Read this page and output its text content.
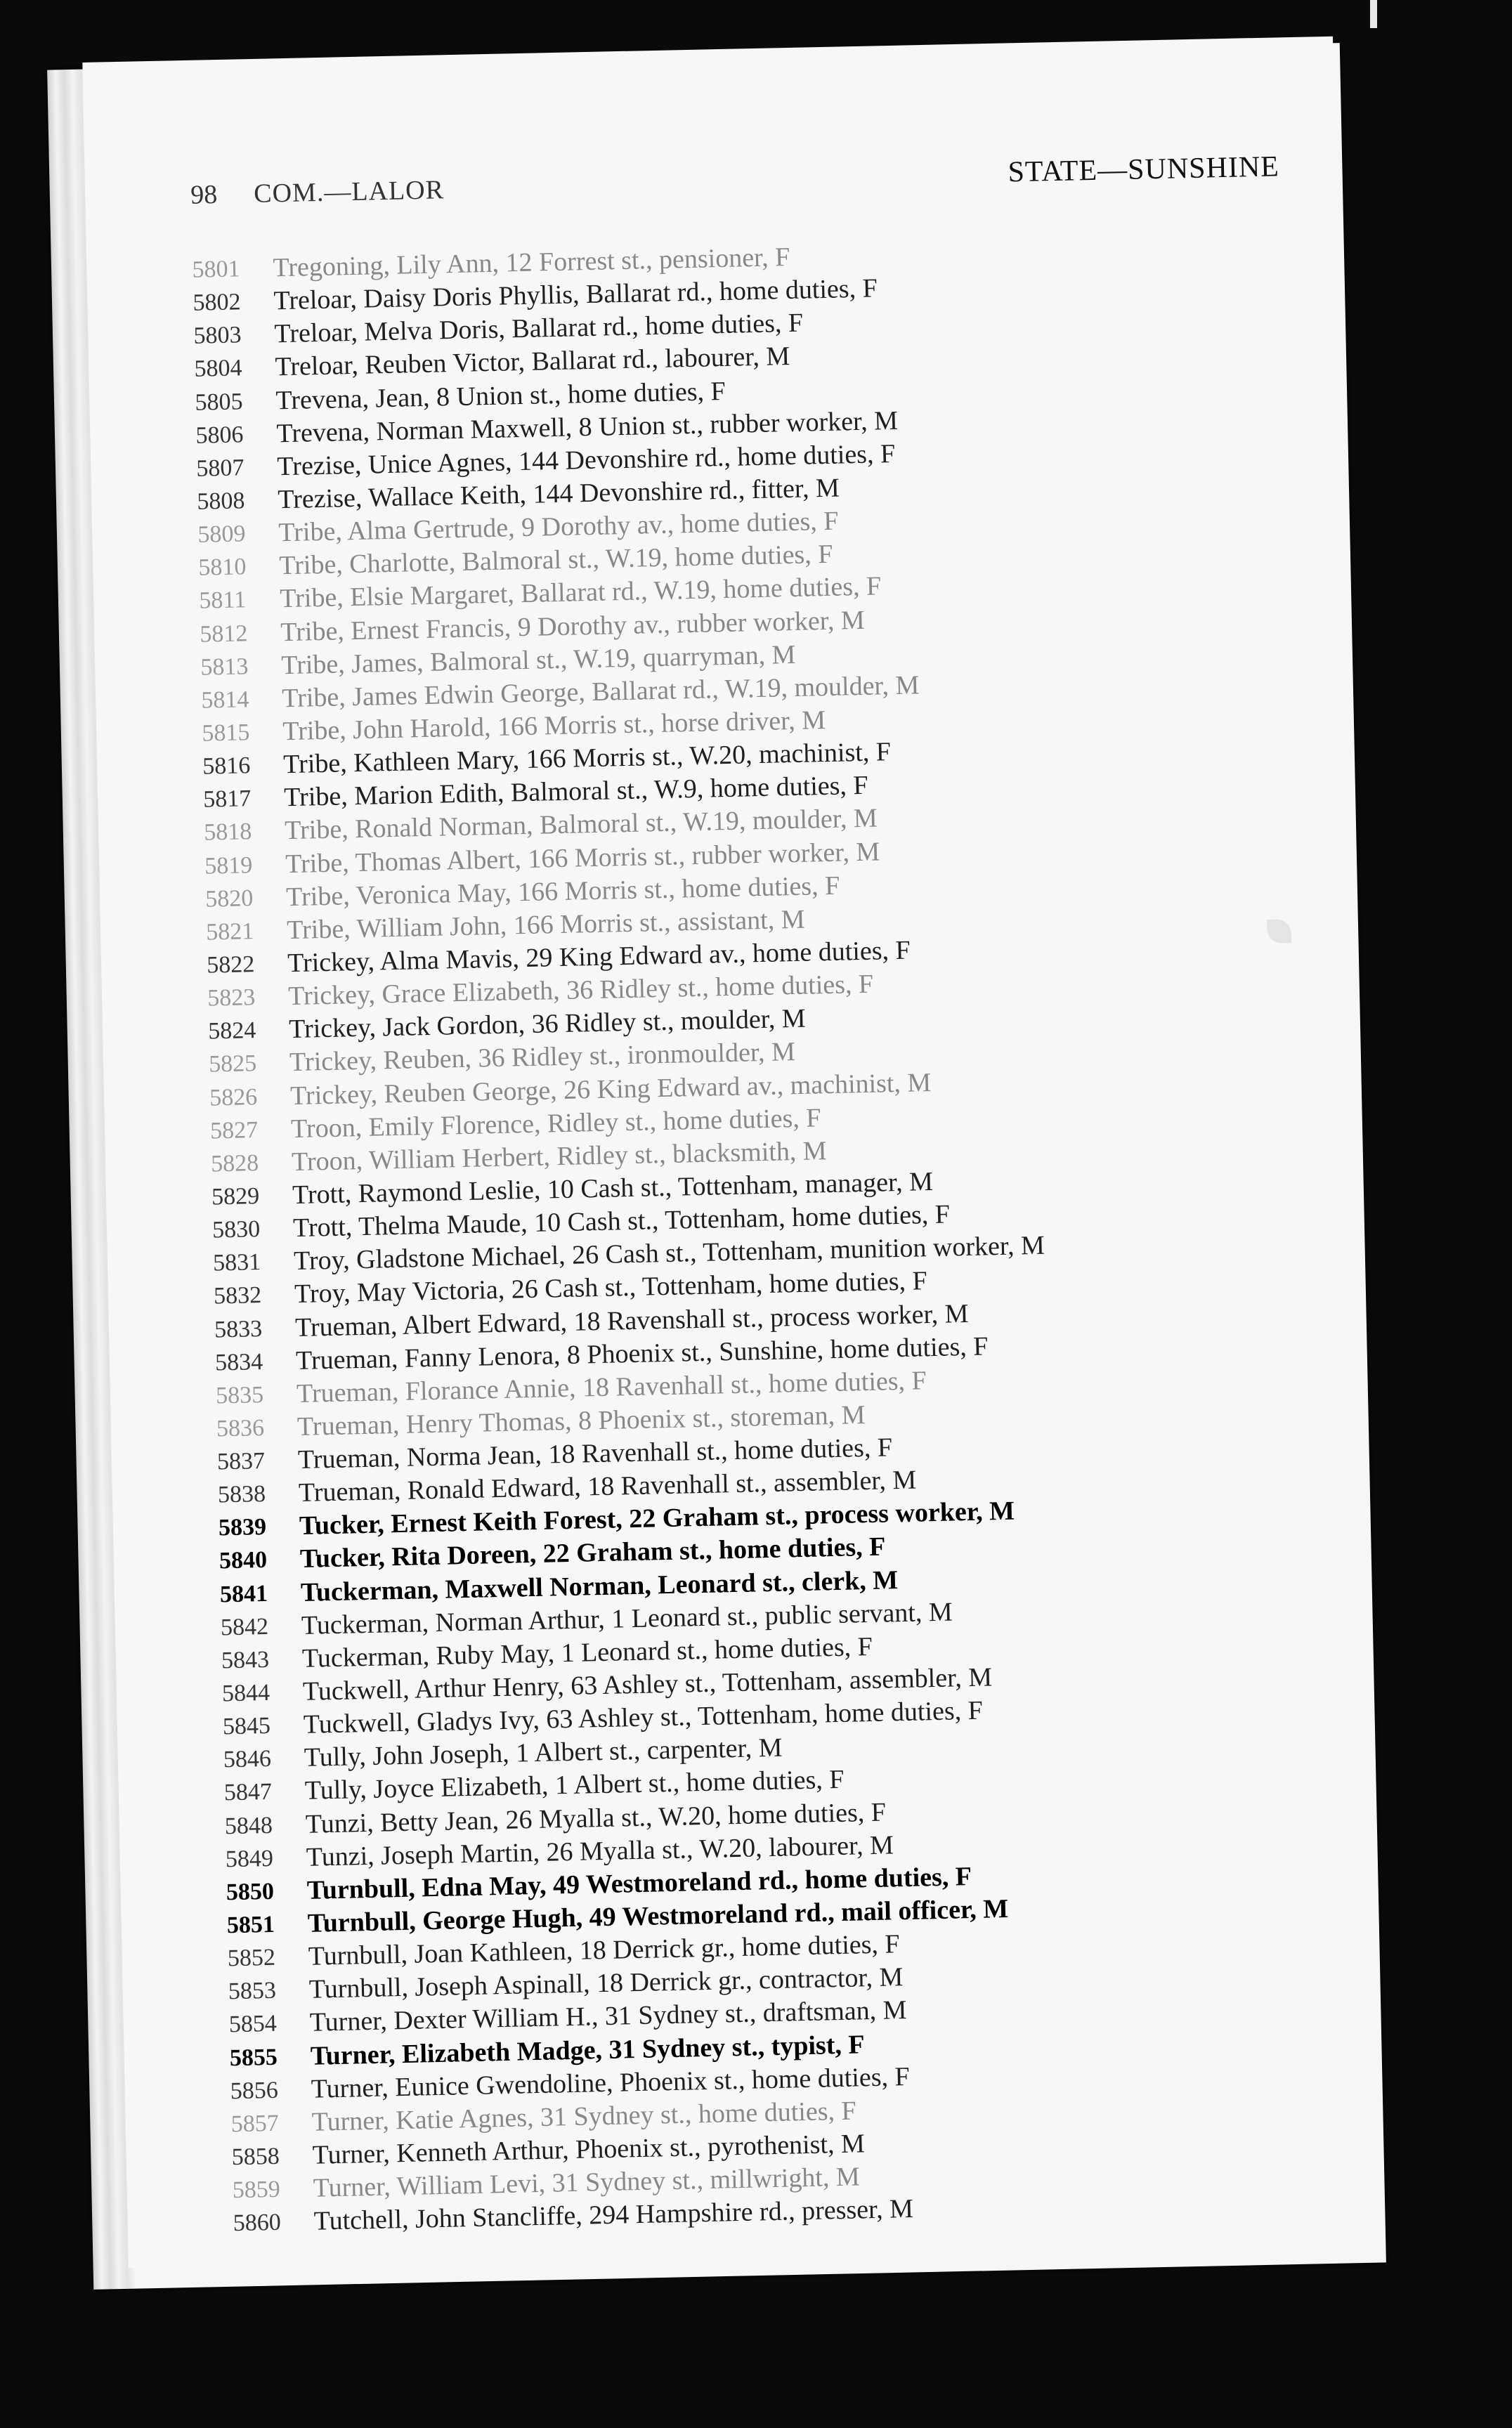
98 COM.—LALOR
STATE—SUNSHINE
5801	Tregoning, Lily Ann, 12 Forrest st., pensioner, F
5802	Treloar, Daisy Doris Phyllis, Ballarat rd., home duties, F
5803	Treloar, Melva Doris, Ballarat rd., home duties, F
5804	Treloar, Reuben Victor, Ballarat rd., labourer, M
5805	Trevena, Jean, 8 Union st., home duties, F
5806	Trevena, Norman Maxwell, 8 Union st., rubber worker, M
5807	Trezise, Unice Agnes, 144 Devonshire rd., home duties, F
5808	Trezise, Wallace Keith, 144 Devonshire rd., fitter, M
5809	Tribe, Alma Gertrude, 9 Dorothy av., home duties, F
5810	Tribe, Charlotte, Balmoral st., W.19, home duties, F
5811	Tribe, Elsie Margaret, Ballarat rd., W.19, home duties, F
5812	Tribe, Ernest Francis, 9 Dorothy av., rubber worker, M
5813	Tribe, James, Balmoral st., W.19, quarryman, M
5814	Tribe, James Edwin George, Ballarat rd., W.19, moulder, M
5815	Tribe, John Harold, 166 Morris st., horse driver, M
5816	Tribe, Kathleen Mary, 166 Morris st., W.20, machinist, F
5817	Tribe, Marion Edith, Balmoral st., W.9, home duties, F
5818	Tribe, Ronald Norman, Balmoral st., W.19, moulder, M
5819	Tribe, Thomas Albert, 166 Morris st., rubber worker, M
5820	Tribe, Veronica May, 166 Morris st., home duties, F
5821	Tribe, William John, 166 Morris st., assistant, M
5822	Trickey, Alma Mavis, 29 King Edward av., home duties, F
5823	Trickey, Grace Elizabeth, 36 Ridley st., home duties, F
5824	Trickey, Jack Gordon, 36 Ridley st., moulder, M
5825	Trickey, Reuben, 36 Ridley st., ironmoulder, M
5826	Trickey, Reuben George, 26 King Edward av., machinist, M
5827	Troon, Emily Florence, Ridley st., home duties, F
5828	Troon, William Herbert, Ridley st., blacksmith, M
5829	Trott, Raymond Leslie, 10 Cash st., Tottenham, manager, M
5830	Trott, Thelma Maude, 10 Cash st., Tottenham, home duties, F
5831	Troy, Gladstone Michael, 26 Cash st., Tottenham, munition worker, M
5832	Troy, May Victoria, 26 Cash st., Tottenham, home duties, F
5833	Trueman, Albert Edward, 18 Ravenshall st., process worker, M
5834	Trueman, Fanny Lenora, 8 Phoenix st., Sunshine, home duties, F
5835	Trueman, Florance Annie, 18 Ravenhall st., home duties, F
5836	Trueman, Henry Thomas, 8 Phoenix st., storeman, M
5837	Trueman, Norma Jean, 18 Ravenhall st., home duties, F
5838	Trueman, Ronald Edward, 18 Ravenhall st., assembler, M
5839	Tucker, Ernest Keith Forest, 22 Graham st., process worker, M
5840	Tucker, Rita Doreen, 22 Graham st., home duties, F
5841	Tuckerman, Maxwell Norman, Leonard st., clerk, M
5842	Tuckerman, Norman Arthur, 1 Leonard st., public servant, M
5843	Tuckerman, Ruby May, 1 Leonard st., home duties, F
5844	Tuckwell, Arthur Henry, 63 Ashley st., Tottenham, assembler, M
5845	Tuckwell, Gladys Ivy, 63 Ashley st., Tottenham, home duties, F
5846	Tully, John Joseph, 1 Albert st., carpenter, M
5847	Tully, Joyce Elizabeth, 1 Albert st., home duties, F
5848	Tunzi, Betty Jean, 26 Myalla st., W.20, home duties, F
5849	Tunzi, Joseph Martin, 26 Myalla st., W.20, labourer, M
5850	Turnbull, Edna May, 49 Westmoreland rd., home duties, F
5851	Turnbull, George Hugh, 49 Westmoreland rd., mail officer, M
5852	Turnbull, Joan Kathleen, 18 Derrick gr., home duties, F
5853	Turnbull, Joseph Aspinall, 18 Derrick gr., contractor, M
5854	Turner, Dexter William H., 31 Sydney st., draftsman, M
5855	Turner, Elizabeth Madge, 31 Sydney st., typist, F
5856	Turner, Eunice Gwendoline, Phoenix st., home duties, F
5857	Turner, Katie Agnes, 31 Sydney st., home duties, F
5858	Turner, Kenneth Arthur, Phoenix st., pyrothenist, M
5859	Turner, William Levi, 31 Sydney st., millwright, M
5860	Tutchell, John Stancliffe, 294 Hampshire rd., presser, M
